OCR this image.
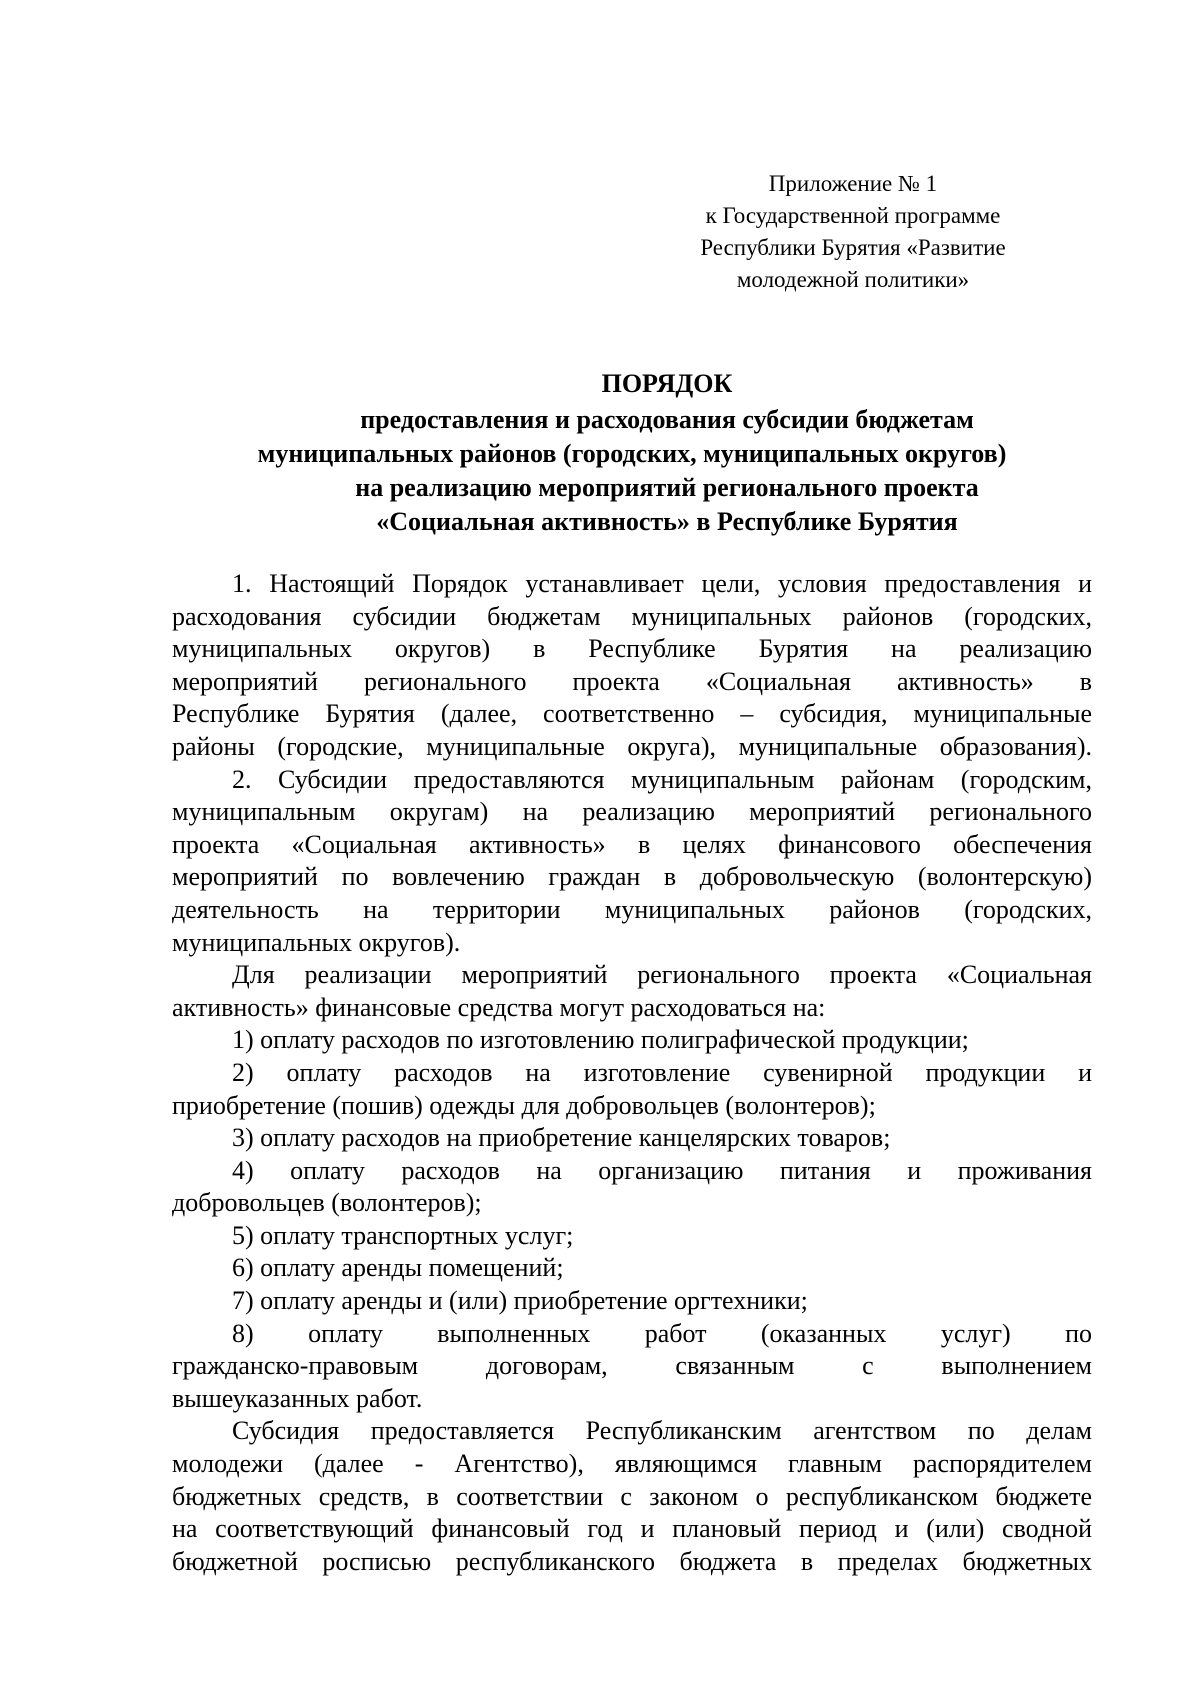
Приложение № 1
к Государственной программе
Республики Бурятия «Развитие
молодежной политики»
ПОРЯДОК
предоставления и расходования субсидии бюджетам
муниципальных районов (городских, муниципальных округов)
на реализацию мероприятий регионального проекта
«Социальная активность» в Республике Бурятия
1. Настоящий Порядок устанавливает цели, условия предоставления и
расходования субсидии бюджетам муниципальных районов (городских,
муниципальных округов) в Республике Бурятия на реализацию
мероприятий регионального проекта «Социальная активность» в
Республике Бурятия (далее, соответственно – субсидия, муниципальные
районы (городские, муниципальные округа), муниципальные образования).
2. Субсидии предоставляются муниципальным районам (городским,
муниципальным округам) на реализацию мероприятий регионального
проекта «Социальная активность» в целях финансового обеспечения
мероприятий по вовлечению граждан в добровольческую (волонтерскую)
деятельность на территории муниципальных районов (городских,
муниципальных округов).
Для реализации мероприятий регионального проекта «Социальная
активность» финансовые средства могут расходоваться на:
1) оплату расходов по изготовлению полиграфической продукции;
2) оплату расходов на изготовление сувенирной продукции и
приобретение (пошив) одежды для добровольцев (волонтеров);
3) оплату расходов на приобретение канцелярских товаров;
4) оплату расходов на организацию питания и проживания
добровольцев (волонтеров);
5) оплату транспортных услуг;
6) оплату аренды помещений;
7) оплату аренды и (или) приобретение оргтехники;
8) оплату выполненных работ (оказанных услуг) по
гражданско-правовым договорам, связанным с выполнением
вышеуказанных работ.
Субсидия предоставляется Республиканским агентством по делам
молодежи (далее - Агентство), являющимся главным распорядителем
бюджетных средств, в соответствии с законом о республиканском бюджете
на соответствующий финансовый год и плановый период и (или) сводной
бюджетной росписью республиканского бюджета в пределах бюджетных
